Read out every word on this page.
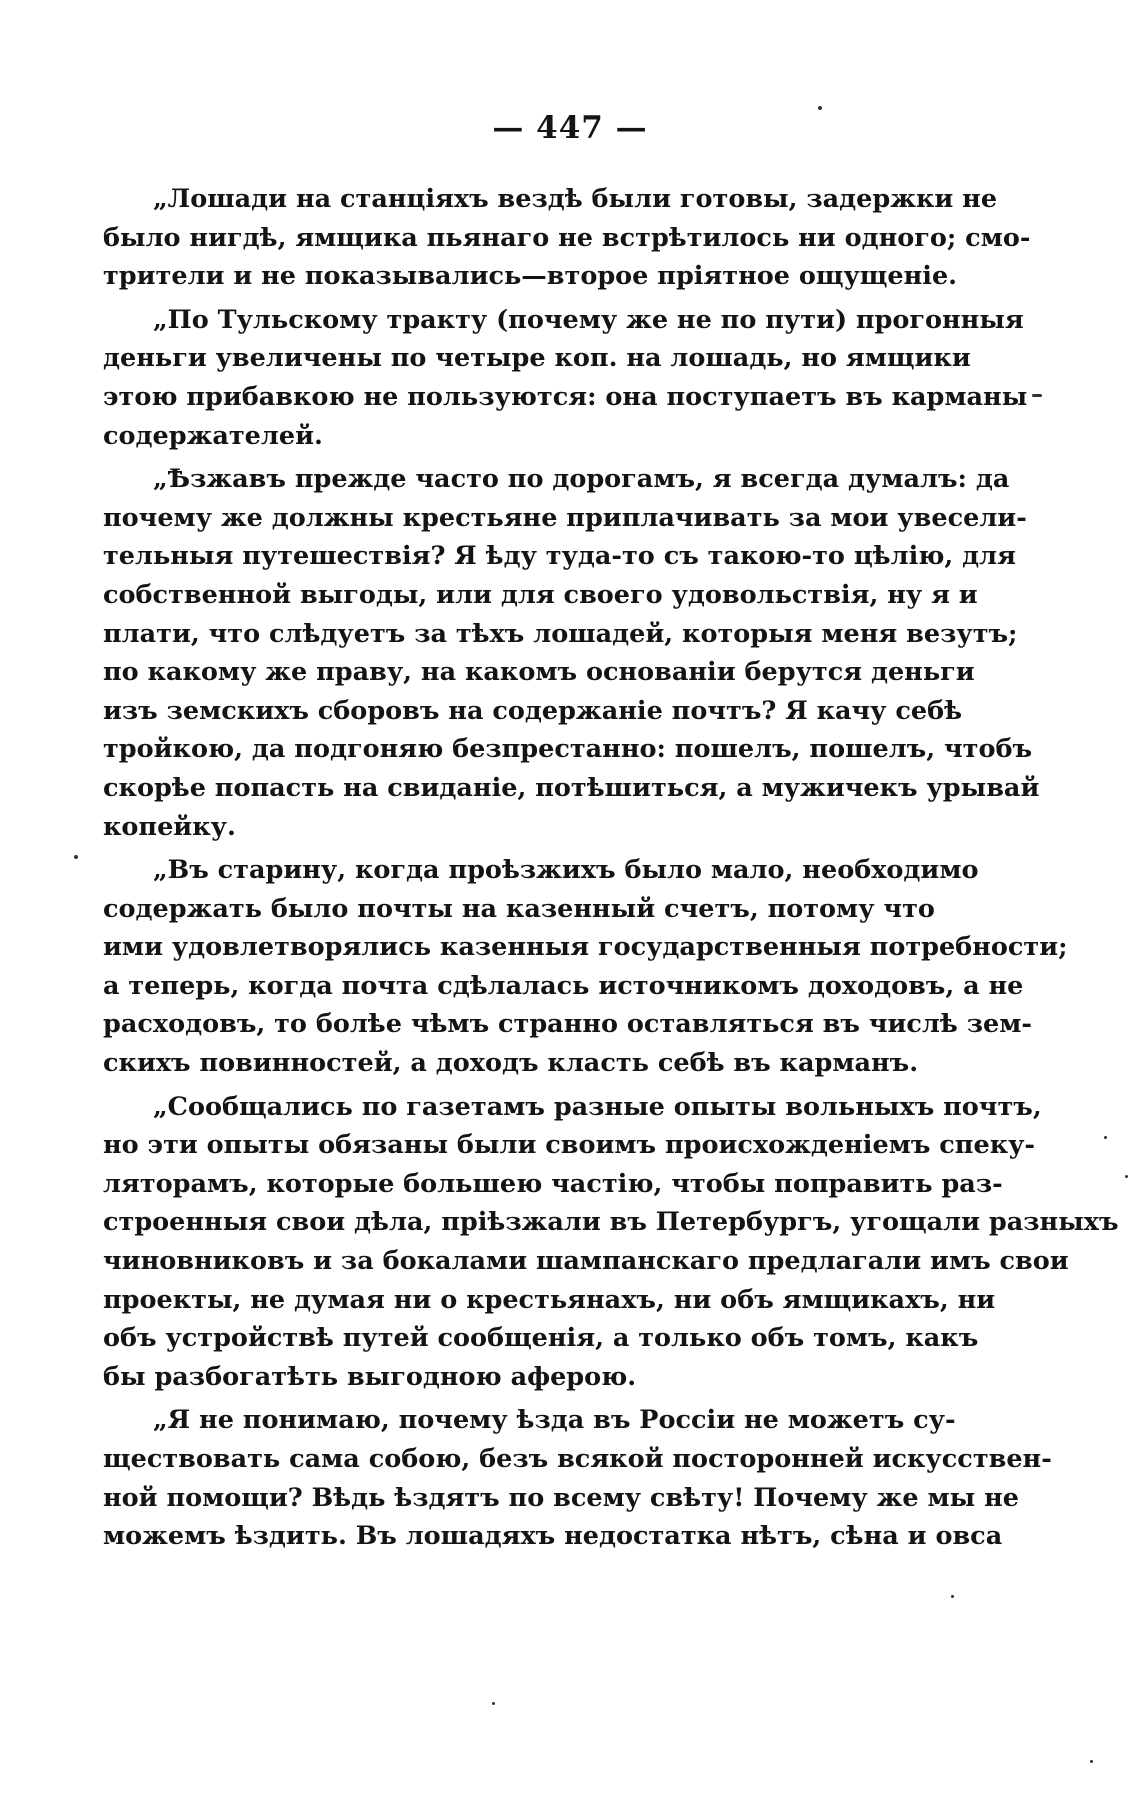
— 447 —

„Лошади на станціяхъ вездѣ были готовы, задержки не
было нигдѣ, ямщика пьянаго не встрѣтилось ни одного; смо-
трители и не показывались—второе пріятное ощущеніе.

„По Тульскому тракту (почему же не по пути) прогонныя
деньги увеличены по четыре коп. на лошадь, но ямщики
этою прибавкою не пользуются: она поступаетъ въ карманы
содержателей.

„Ѣзжавъ прежде часто по дорогамъ, я всегда думалъ: да
почему же должны крестьяне приплачивать за мои увесели-
тельныя путешествія? Я ѣду туда-то съ такою-то цѣлію, для
собственной выгоды, или для своего удовольствія, ну я и
плати, что слѣдуетъ за тѣхъ лошадей, которыя меня везутъ;
по какому же праву, на какомъ основаніи берутся деньги
изъ земскихъ сборовъ на содержаніе почтъ? Я качу себѣ
тройкою, да подгоняю безпрестанно: пошелъ, пошелъ, чтобъ
скорѣе попасть на свиданіе, потѣшиться, а мужичекъ урывай
копейку.

„Въ старину, когда проѣзжихъ было мало, необходимо
содержать было почты на казенный счетъ, потому что
ими удовлетворялись казенныя государственныя потребности;
а теперь, когда почта сдѣлалась источникомъ доходовъ, а не
расходовъ, то болѣе чѣмъ странно оставляться въ числѣ зем-
скихъ повинностей, а доходъ класть себѣ въ карманъ.

„Сообщались по газетамъ разные опыты вольныхъ почтъ,
но эти опыты обязаны были своимъ происхожденіемъ спеку-
ляторамъ, которые большею частію, чтобы поправить раз-
строенныя свои дѣла, пріѣзжали въ Петербургъ, угощали разныхъ
чиновниковъ и за бокалами шампанскаго предлагали имъ свои
проекты, не думая ни о крестьянахъ, ни объ ямщикахъ, ни
объ устройствѣ путей сообщенія, а только объ томъ, какъ
бы разбогатѣть выгодною аферою.

„Я не понимаю, почему ѣзда въ Россіи не можетъ су-
ществовать сама собою, безъ всякой посторонней искусствен-
ной помощи? Вѣдь ѣздятъ по всему свѣту! Почему же мы не
можемъ ѣздить. Въ лошадяхъ недостатка нѣтъ, сѣна и овса
